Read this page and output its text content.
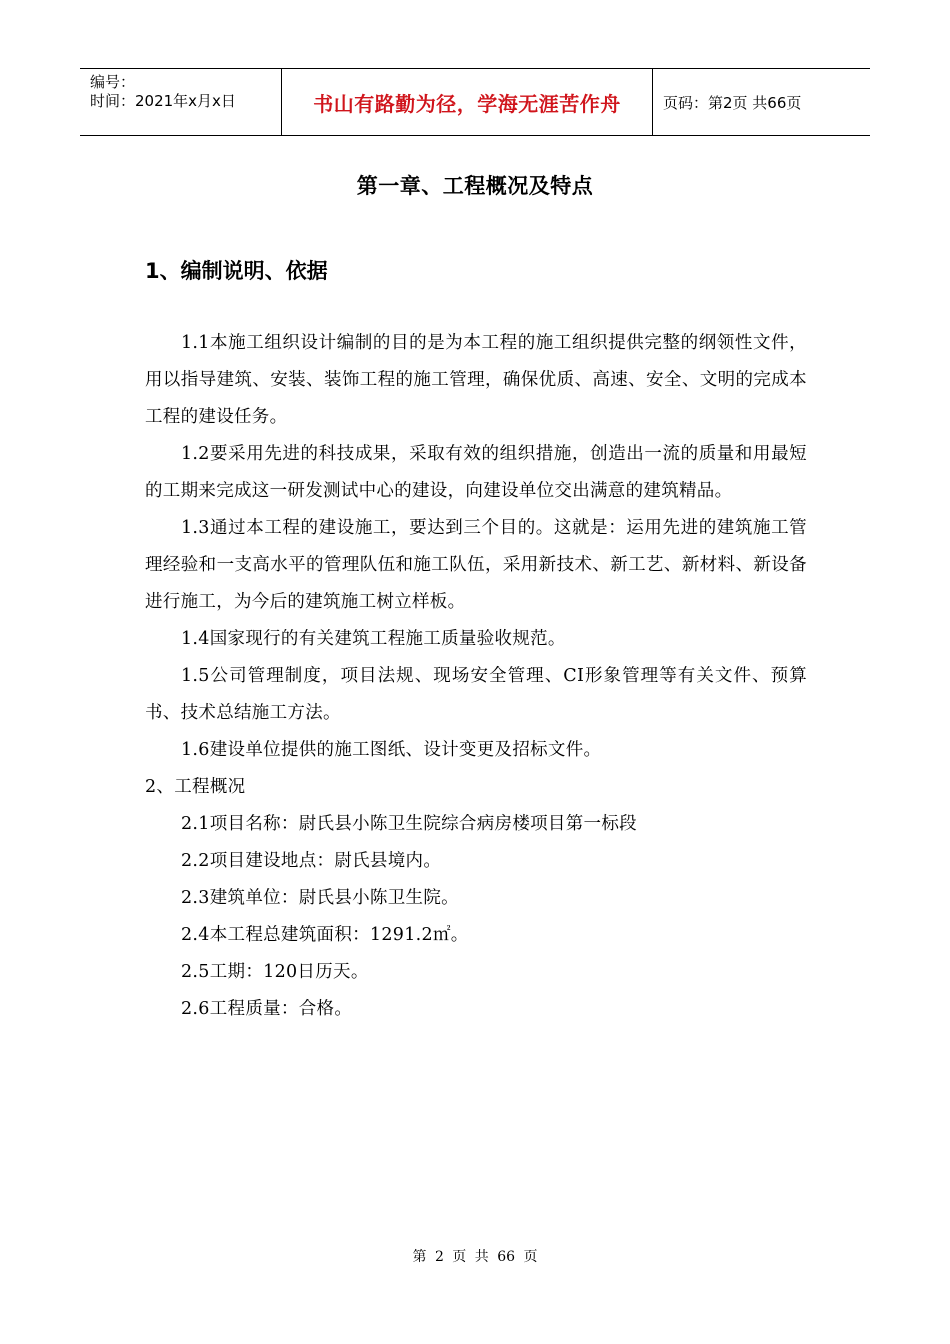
编号：
时间：2021年x月x日	书山有路勤为径，学海无涯苦作舟	页码：第2页 共66页
第一章、工程概况及特点
1、编制说明、依据

1.1本施工组织设计编制的目的是为本工程的施工组织提供完整的纲领性文件，用以指导建筑、安装、装饰工程的施工管理，确保优质、高速、安全、文明的完成本工程的建设任务。

1.2要采用先进的科技成果，采取有效的组织措施，创造出一流的质量和用最短的工期来完成这一研发测试中心的建设，向建设单位交出满意的建筑精品。

1.3通过本工程的建设施工，要达到三个目的。这就是：运用先进的建筑施工管理经验和一支高水平的管理队伍和施工队伍，采用新技术、新工艺、新材料、新设备进行施工，为今后的建筑施工树立样板。

1.4国家现行的有关建筑工程施工质量验收规范。

1.5公司管理制度，项目法规、现场安全管理、CI形象管理等有关文件、预算书、技术总结施工方法。

1.6建设单位提供的施工图纸、设计变更及招标文件。

2、工程概况

2.1项目名称：尉氏县小陈卫生院综合病房楼项目第一标段

2.2项目建设地点：尉氏县境内。

2.3建筑单位：尉氏县小陈卫生院。

2.4本工程总建筑面积：1291.2㎡。

2.5工期：120日历天。

2.6工程质量：合格。

第 2 页 共 66 页
